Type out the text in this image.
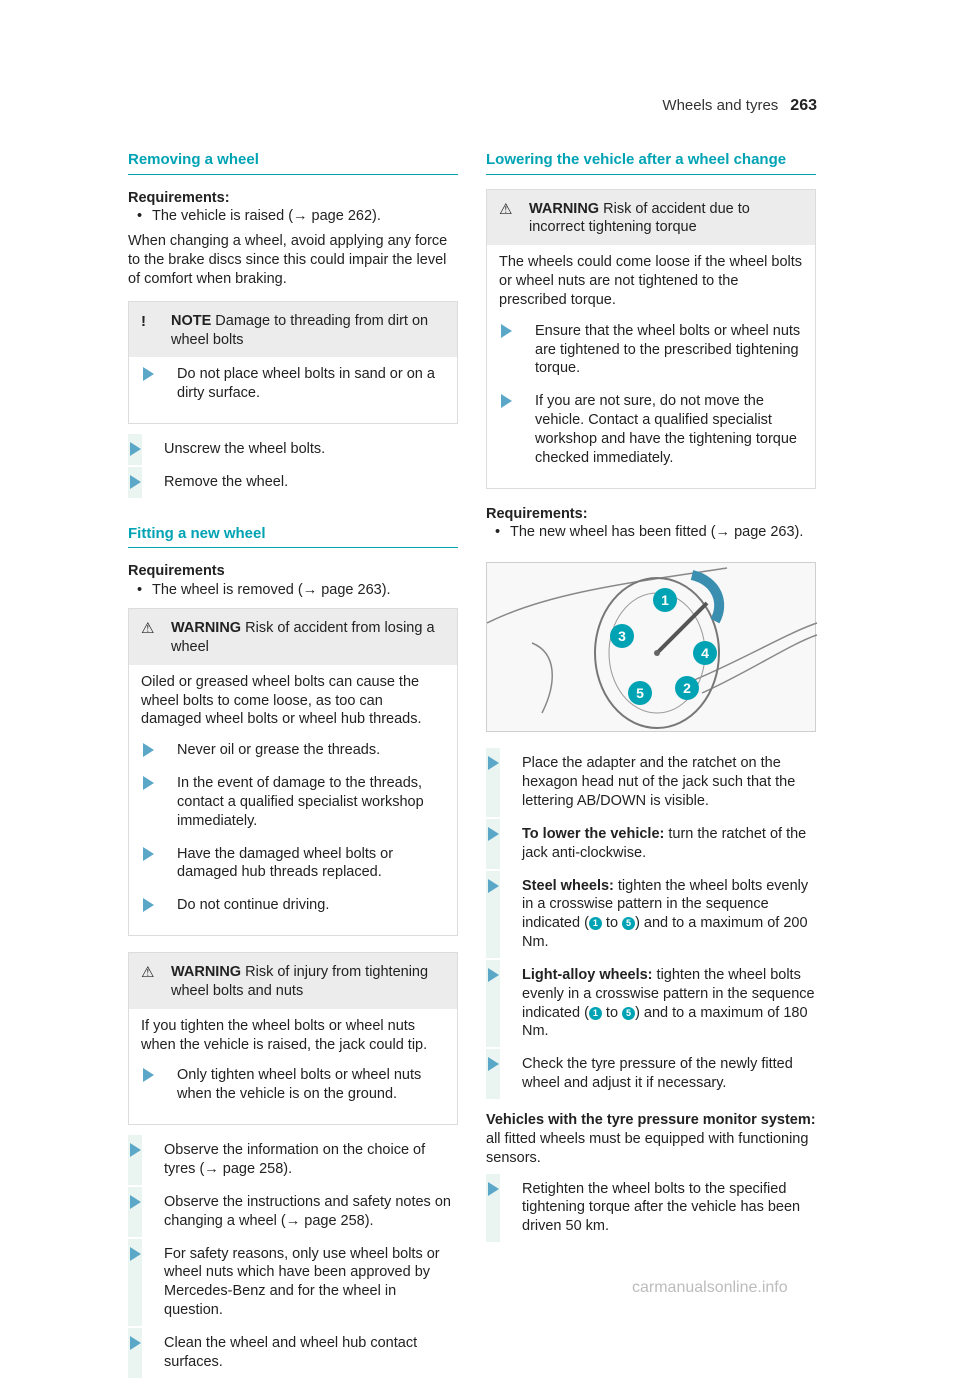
Wheels and tyres 263
Removing a wheel
Requirements:
• The vehicle is raised (→ page 262).

When changing a wheel, avoid applying any force to the brake discs since this could impair the level of comfort when braking.

! NOTE Damage to threading from dirt on wheel bolts
Do not place wheel bolts in sand or on a dirty surface.
Unscrew the wheel bolts.
Remove the wheel.
Fitting a new wheel
Requirements
• The wheel is removed (→ page 263).
⚠ WARNING Risk of accident from losing a wheel

Oiled or greased wheel bolts can cause the wheel bolts to come loose, as too can damaged wheel bolts or wheel hub threads.

Never oil or grease the threads.
In the event of damage to the threads, contact a qualified specialist workshop immediately.
Have the damaged wheel bolts or damaged hub threads replaced.
Do not continue driving.
⚠ WARNING Risk of injury from tightening wheel bolts and nuts

If you tighten the wheel bolts or wheel nuts when the vehicle is raised, the jack could tip.

Only tighten wheel bolts or wheel nuts when the vehicle is on the ground.
Observe the information on the choice of tyres (→ page 258).
Observe the instructions and safety notes on changing a wheel (→ page 258).
For safety reasons, only use wheel bolts or wheel nuts which have been approved by Mercedes-Benz and for the wheel in question.
Clean the wheel and wheel hub contact surfaces.
Lowering the vehicle after a wheel change
⚠ WARNING Risk of accident due to incorrect tightening torque

The wheels could come loose if the wheel bolts or wheel nuts are not tightened to the prescribed torque.

Ensure that the wheel bolts or wheel nuts are tightened to the prescribed tightening torque.
If you are not sure, do not move the vehicle. Contact a qualified specialist workshop and have the tightening torque checked immediately.
Requirements:
• The new wheel has been fitted (→ page 263).
1
2
3
4
5
Place the adapter and the ratchet on the hexagon head nut of the jack such that the lettering AB/DOWN is visible.
To lower the vehicle: turn the ratchet of the jack anti-clockwise.
Steel wheels: tighten the wheel bolts evenly in a crosswise pattern in the sequence indicated ( 1 to 5 ) and to a maximum of 200 Nm.
Light-alloy wheels: tighten the wheel bolts evenly in a crosswise pattern in the sequence indicated ( 1 to 5 ) and to a maximum of 180 Nm.
Check the tyre pressure of the newly fitted wheel and adjust it if necessary.

Vehicles with the tyre pressure monitor system: all fitted wheels must be equipped with functioning sensors.

Retighten the wheel bolts to the specified tightening torque after the vehicle has been driven 50 km.
carmanualsonline.info
